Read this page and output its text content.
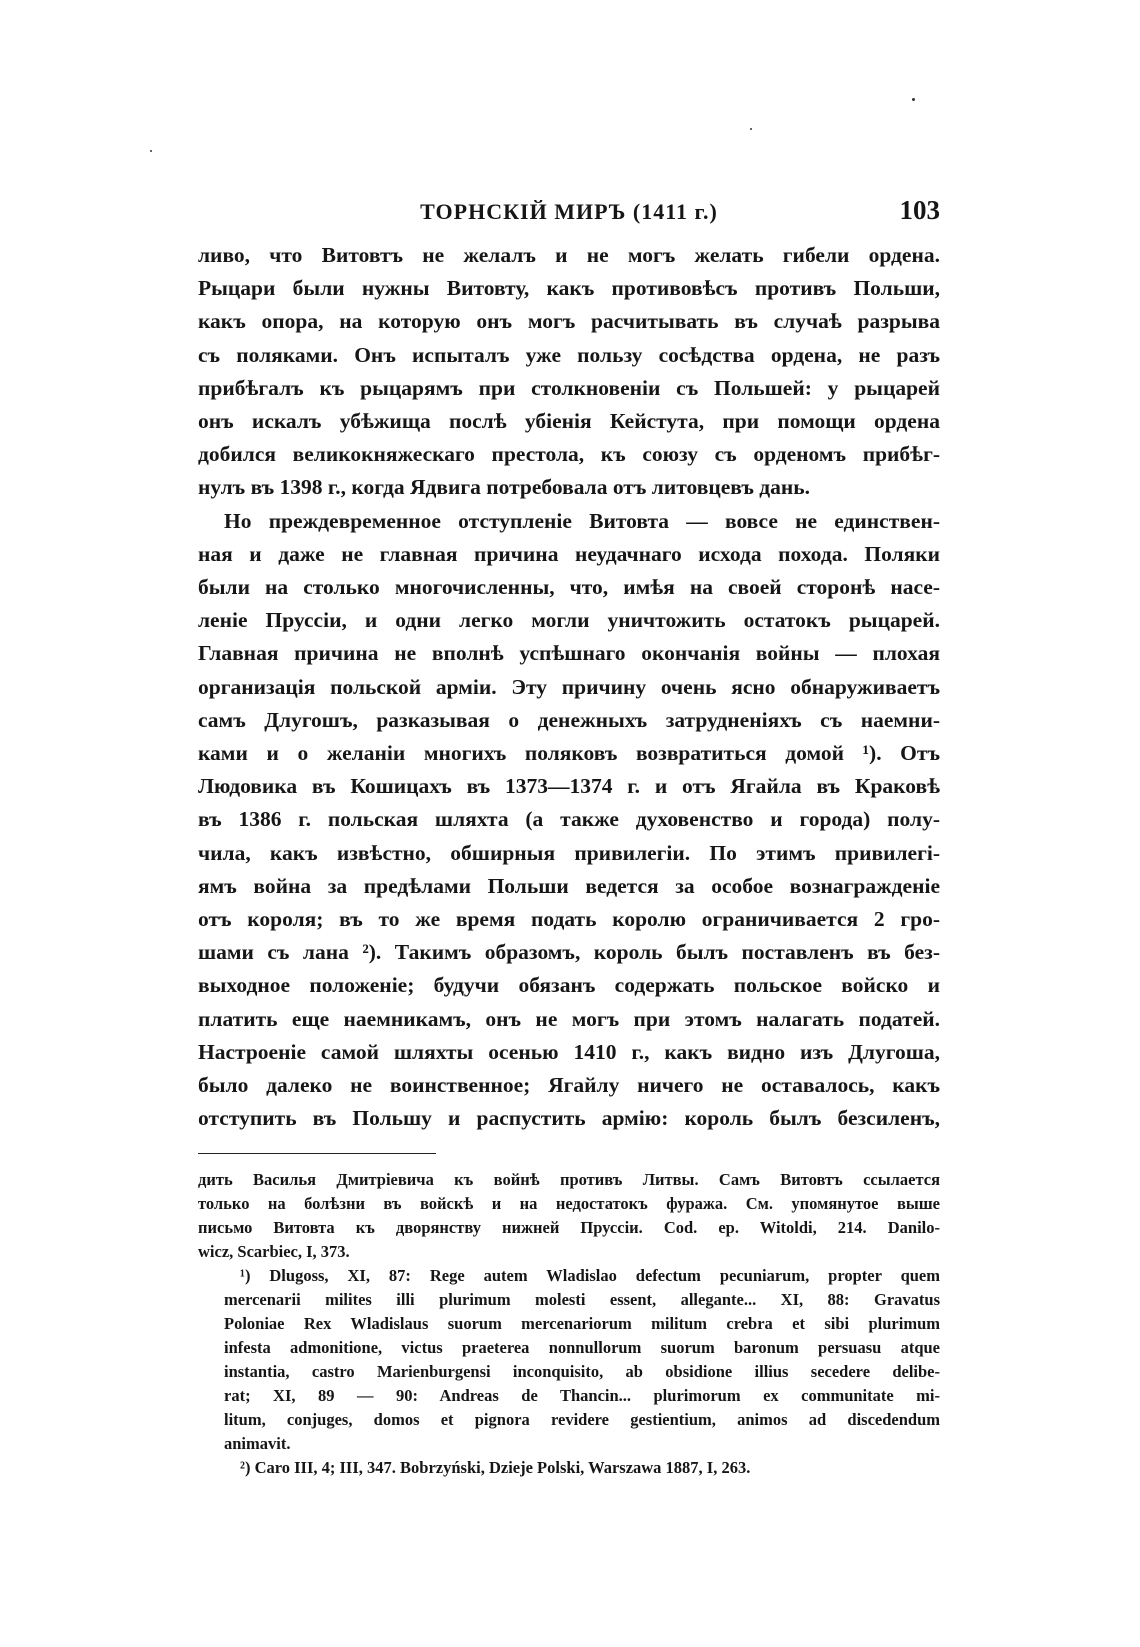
ТОРНСКІЙ МИРЪ (1411 г.)	103

ливо, что Витовтъ не желалъ и не могъ желать гибели ордена.
Рыцари были нужны Витовту, какъ противовѣсъ противъ Польши,
какъ опора, на которую онъ могъ расчитывать въ случаѣ разрыва
съ поляками. Онъ испыталъ уже пользу сосѣдства ордена, не разъ
прибѣгалъ къ рыцарямъ при столкновеніи съ Польшей: у рыцарей
онъ искалъ убѣжища послѣ убіенія Кейстута, при помощи ордена
добился великокняжескаго престола, къ союзу съ орденомъ прибѣг-
нулъ въ 1398 г., когда Ядвига потребовала отъ литовцевъ дань.

Но преждевременное отступленіе Витовта — вовсе не единствен-
ная и даже не главная причина неудачнаго исхода похода. Поляки
были на столько многочисленны, что, имѣя на своей сторонѣ насе-
леніе Пруссіи, и одни легко могли уничтожить остатокъ рыцарей.
Главная причина не вполнѣ успѣшнаго окончанія войны — плохая
организація польской арміи. Эту причину очень ясно обнаруживаетъ
самъ Длугошъ, разказывая о денежныхъ затрудненіяхъ съ наемни-
ками и о желаніи многихъ поляковъ возвратиться домой ¹). Отъ
Людовика въ Кошицахъ въ 1373—1374 г. и отъ Ягайла въ Краковѣ
въ 1386 г. польская шляхта (а также духовенство и города) полу-
чила, какъ извѣстно, обширныя привилегіи. По этимъ привилегі-
ямъ война за предѣлами Польши ведется за особое вознагражденіе
отъ короля; въ то же время подать королю ограничивается 2 гро-
шами съ лана ²). Такимъ образомъ, король былъ поставленъ въ без-
выходное положеніе; будучи обязанъ содержать польское войско и
платить еще наемникамъ, онъ не могъ при этомъ налагать податей.
Настроеніе самой шляхты осенью 1410 г., какъ видно изъ Длугоша,
было далеко не воинственное; Ягайлу ничего не оставалось, какъ
отступить въ Польшу и распустить армію: король былъ безсиленъ,

дить Василья Дмитріевича къ войнѣ противъ Литвы. Самъ Витовтъ ссылается
только на болѣзни въ войскѣ и на недостатокъ фуража. См. упомянутое выше
письмо Витовта къ дворянству нижней Пруссіи. Cod. ep. Witoldi, 214. Danilo-
wicz, Scarbiec, I, 373.

¹) Dlugoss, XI, 87: Rege autem Wladislao defectum pecuniarum, propter quem
mercenarii milites illi plurimum molesti essent, allegante... XI, 88: Gravatus
Poloniae Rex Wladislaus suorum mercenariorum militum crebra et sibi plurimum
infesta admonitione, victus praeterea nonnullorum suorum baronum persuasu atque
instantia, castro Marienburgensi inconquisito, ab obsidione illius secedere delibe-
rat; XI, 89 — 90: Andreas de Thancin... plurimorum ex communitate mi-
litum, conjuges, domos et pignora revidere gestientium, animos ad discedendum
animavit.

²) Caro III, 4; III, 347. Bobrzyński, Dzieje Polski, Warszawa 1887, I, 263.
